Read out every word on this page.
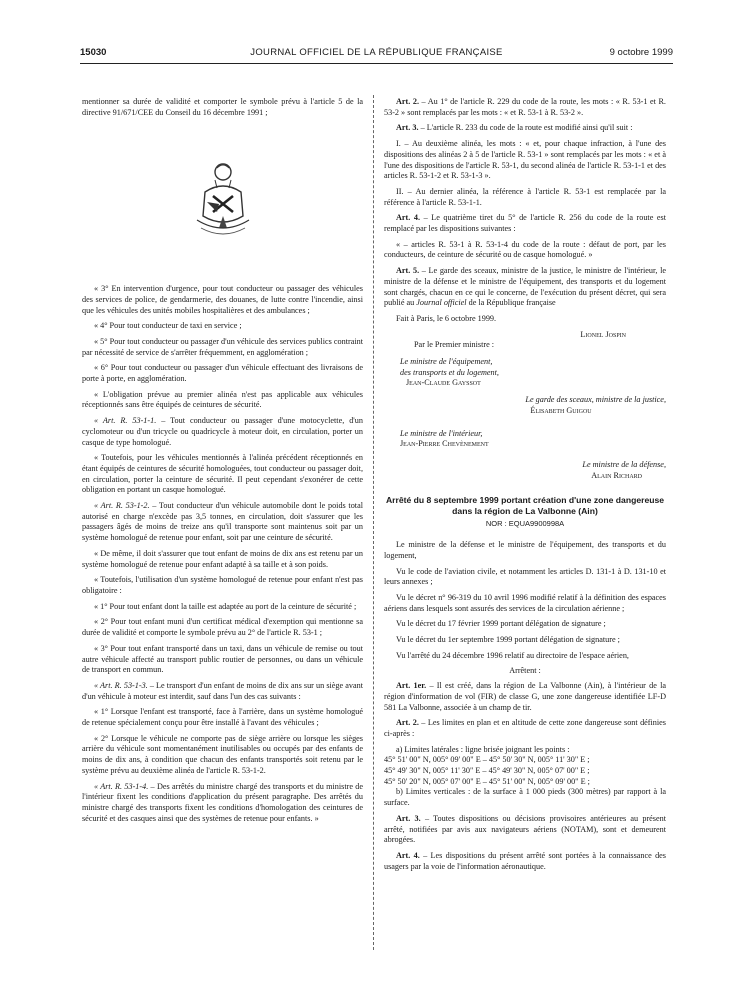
15030	JOURNAL OFFICIEL DE LA RÉPUBLIQUE FRANÇAISE	9 octobre 1999

mentionner sa durée de validité et comporter le symbole prévu à l'article 5 de la directive 91/671/CEE du Conseil du 16 décembre 1991 ;

« 3° En intervention d'urgence, pour tout conducteur ou passager des véhicules des services de police, de gendarmerie, des douanes, de lutte contre l'incendie, ainsi que les véhicules des unités mobiles hospitalières et des ambulances ;

« 4° Pour tout conducteur de taxi en service ;

« 5° Pour tout conducteur ou passager d'un véhicule des services publics contraint par nécessité de service de s'arrêter fréquemment, en agglomération ;

« 6° Pour tout conducteur ou passager d'un véhicule effectuant des livraisons de porte à porte, en agglomération.

« L'obligation prévue au premier alinéa n'est pas applicable aux véhicules réceptionnés sans être équipés de ceintures de sécurité.

« Art. R. 53-1-1. – Tout conducteur ou passager d'une motocyclette, d'un cyclomoteur ou d'un tricycle ou quadricycle à moteur doit, en circulation, porter un casque de type homologué.

« Toutefois, pour les véhicules mentionnés à l'alinéa précédent réceptionnés en étant équipés de ceintures de sécurité homologuées, tout conducteur ou passager doit, en circulation, porter la ceinture de sécurité. Il peut cependant s'exonérer de cette obligation en portant un casque homologué.

« Art. R. 53-1-2. – Tout conducteur d'un véhicule automobile dont le poids total autorisé en charge n'excède pas 3,5 tonnes, en circulation, doit s'assurer que les passagers âgés de moins de treize ans qu'il transporte sont maintenus soit par un système homologué de retenue pour enfant, soit par une ceinture de sécurité.

« De même, il doit s'assurer que tout enfant de moins de dix ans est retenu par un système homologué de retenue pour enfant adapté à sa taille et à son poids.

« Toutefois, l'utilisation d'un système homologué de retenue pour enfant n'est pas obligatoire :

« 1° Pour tout enfant dont la taille est adaptée au port de la ceinture de sécurité ;

« 2° Pour tout enfant muni d'un certificat médical d'exemption qui mentionne sa durée de validité et comporte le symbole prévu au 2° de l'article R. 53-1 ;

« 3° Pour tout enfant transporté dans un taxi, dans un véhicule de remise ou tout autre véhicule affecté au transport public routier de personnes, ou dans un véhicule de transport en commun.

« Art. R. 53-1-3. – Le transport d'un enfant de moins de dix ans sur un siège avant d'un véhicule à moteur est interdit, sauf dans l'un des cas suivants :

« 1° Lorsque l'enfant est transporté, face à l'arrière, dans un système homologué de retenue spécialement conçu pour être installé à l'avant des véhicules ;

« 2° Lorsque le véhicule ne comporte pas de siège arrière ou lorsque les sièges arrière du véhicule sont momentanément inutilisables ou occupés par des enfants de moins de dix ans, à condition que chacun des enfants transportés soit retenu par le système prévu au deuxième alinéa de l'article R. 53-1-2.

« Art. R. 53-1-4. – Des arrêtés du ministre chargé des transports et du ministre de l'intérieur fixent les conditions d'application du présent paragraphe. Des arrêtés du ministre chargé des transports fixent les conditions d'homologation des ceintures de sécurité et des casques ainsi que des systèmes de retenue pour enfants. »

Art. 2. – Au 1° de l'article R. 229 du code de la route, les mots : « R. 53-1 et R. 53-2 » sont remplacés par les mots : « et R. 53-1 à R. 53-2 ».

Art. 3. – L'article R. 233 du code de la route est modifié ainsi qu'il suit :

I. – Au deuxième alinéa, les mots : « et, pour chaque infraction, à l'une des dispositions des alinéas 2 à 5 de l'article R. 53-1 » sont remplacés par les mots : « et à l'une des dispositions de l'article R. 53-1, du second alinéa de l'article R. 53-1-1 et des articles R. 53-1-2 et R. 53-1-3 ».

II. – Au dernier alinéa, la référence à l'article R. 53-1 est remplacée par la référence à l'article R. 53-1-1.

Art. 4. – Le quatrième tiret du 5° de l'article R. 256 du code de la route est remplacé par les dispositions suivantes :

« – articles R. 53-1 à R. 53-1-4 du code de la route : défaut de port, par les conducteurs, de ceinture de sécurité ou de casque homologué. »

Art. 5. – Le garde des sceaux, ministre de la justice, le ministre de l'intérieur, le ministre de la défense et le ministre de l'équipement, des transports et du logement sont chargés, chacun en ce qui le concerne, de l'exécution du présent décret, qui sera publié au Journal officiel de la République française

Fait à Paris, le 6 octobre 1999.

Lionel Jospin

Par le Premier ministre :

Le ministre de l'équipement,

des transports et du logement,

Jean-Claude Gayssot

Le garde des sceaux, ministre de la justice,

Élisabeth Guigou

Le ministre de l'intérieur,

Jean-Pierre Chevènement

Le ministre de la défense,

Alain Richard

Arrêté du 8 septembre 1999 portant création d'une zone dangereuse dans la région de La Valbonne (Ain)
NOR : EQUA9900998A

Le ministre de la défense et le ministre de l'équipement, des transports et du logement,

Vu le code de l'aviation civile, et notamment les articles D. 131-1 à D. 131-10 et leurs annexes ;

Vu le décret n° 96-319 du 10 avril 1996 modifié relatif à la définition des espaces aériens dans lesquels sont assurés des services de la circulation aérienne ;

Vu le décret du 17 février 1999 portant délégation de signature ;

Vu le décret du 1er septembre 1999 portant délégation de signature ;

Vu l'arrêté du 24 décembre 1996 relatif au directoire de l'espace aérien,

Arrêtent :

Art. 1er. – Il est créé, dans la région de La Valbonne (Ain), à l'intérieur de la région d'information de vol (FIR) de classe G, une zone dangereuse identifiée LF-D 581 La Valbonne, associée à un champ de tir.

Art. 2. – Les limites en plan et en altitude de cette zone dangereuse sont définies ci-après :

a) Limites latérales : ligne brisée joignant les points :

45° 51' 00" N, 005° 09' 00" E – 45° 50' 30" N, 005° 11' 30" E ;

45° 49' 30" N, 005° 11' 30" E – 45° 49' 30" N, 005° 07' 00" E ;

45° 50' 20" N, 005° 07' 00" E – 45° 51' 00" N, 005° 09' 00" E ;

b) Limites verticales : de la surface à 1 000 pieds (300 mètres) par rapport à la surface.

Art. 3. – Toutes dispositions ou décisions provisoires antérieures au présent arrêté, notifiées par avis aux navigateurs aériens (NOTAM), sont et demeurent abrogées.

Art. 4. – Les dispositions du présent arrêté sont portées à la connaissance des usagers par la voie de l'information aéronautique.
